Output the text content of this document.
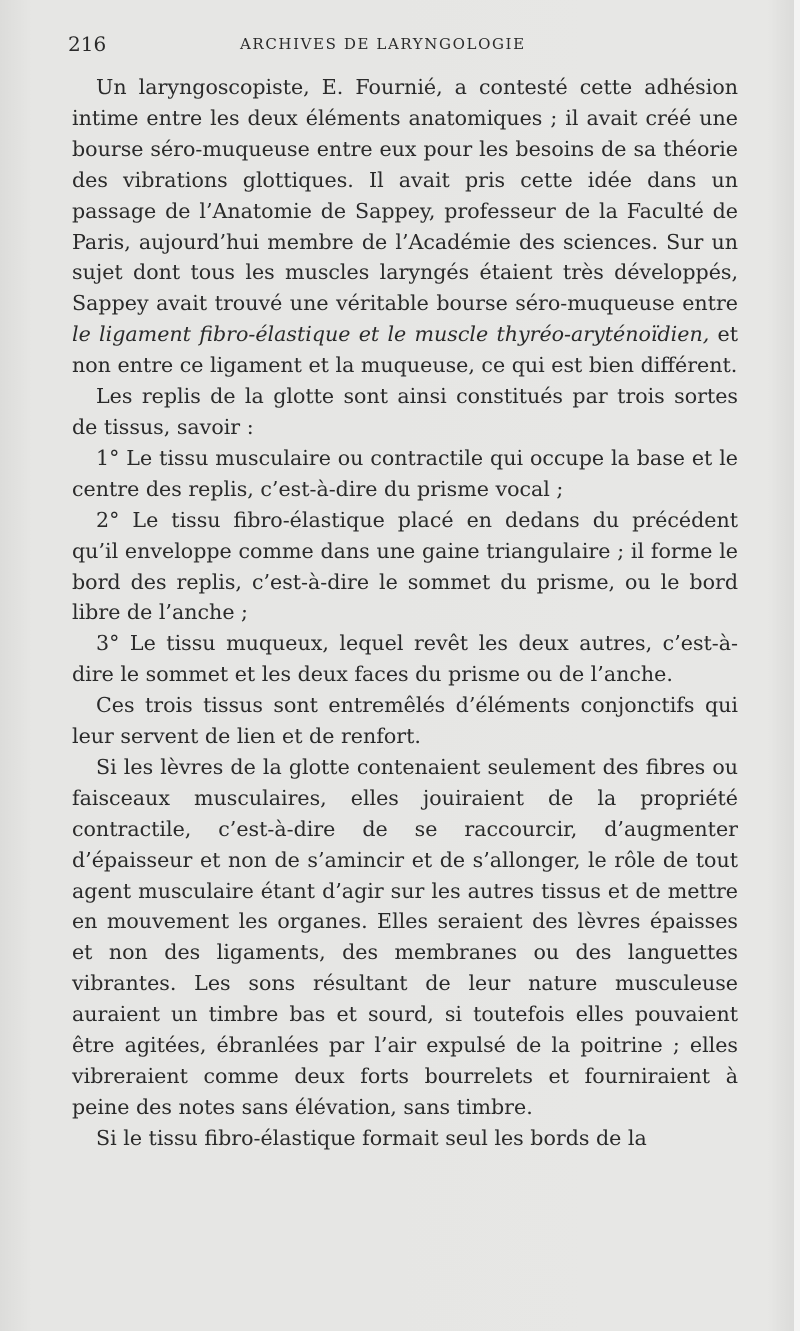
216	ARCHIVES DE LARYNGOLOGIE

Un laryngoscopiste, E. Fournié, a contesté cette adhésion intime entre les deux éléments anatomiques ; il avait créé une bourse séro-muqueuse entre eux pour les besoins de sa théorie des vibrations glottiques. Il avait pris cette idée dans un passage de l’Anatomie de Sappey, professeur de la Faculté de Paris, aujourd’hui membre de l’Académie des sciences. Sur un sujet dont tous les muscles laryngés étaient très développés, Sappey avait trouvé une véritable bourse séro-muqueuse entre le ligament fibro-élastique et le muscle thyréo-aryténoïdien, et non entre ce ligament et la muqueuse, ce qui est bien différent.

Les replis de la glotte sont ainsi constitués par trois sortes de tissus, savoir :

1° Le tissu musculaire ou contractile qui occupe la base et le centre des replis, c’est-à-dire du prisme vocal ;

2° Le tissu fibro-élastique placé en dedans du précédent qu’il enveloppe comme dans une gaine triangulaire ; il forme le bord des replis, c’est-à-dire le sommet du prisme, ou le bord libre de l’anche ;

3° Le tissu muqueux, lequel revêt les deux autres, c’est-à-dire le sommet et les deux faces du prisme ou de l’anche.

Ces trois tissus sont entremêlés d’éléments conjonctifs qui leur servent de lien et de renfort.

Si les lèvres de la glotte contenaient seulement des fibres ou faisceaux musculaires, elles jouiraient de la propriété contractile, c’est-à-dire de se raccourcir, d’augmenter d’épaisseur et non de s’amincir et de s’allonger, le rôle de tout agent musculaire étant d’agir sur les autres tissus et de mettre en mouvement les organes. Elles seraient des lèvres épaisses et non des ligaments, des membranes ou des languettes vibrantes. Les sons résultant de leur nature musculeuse auraient un timbre bas et sourd, si toutefois elles pouvaient être agitées, ébranlées par l’air expulsé de la poitrine ; elles vibreraient comme deux forts bourrelets et fourniraient à peine des notes sans élévation, sans timbre.

Si le tissu fibro-élastique formait seul les bords de la
